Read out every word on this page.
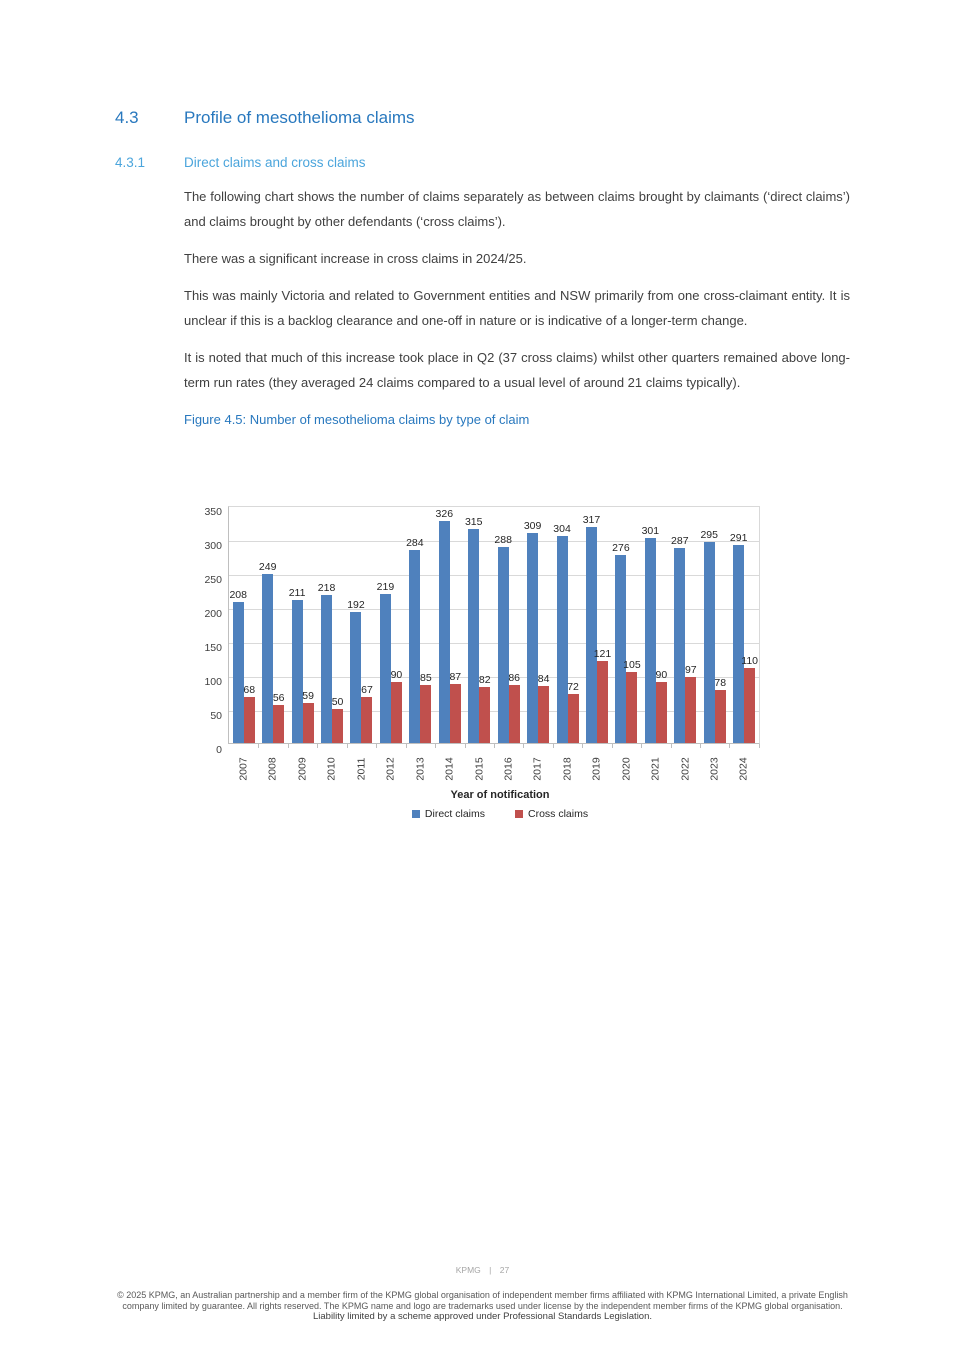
4.3	Profile of mesothelioma claims
4.3.1	Direct claims and cross claims

The following chart shows the number of claims separately as between claims brought by claimants (‘direct claims’) and claims brought by other defendants (‘cross claims’).

There was a significant increase in cross claims in 2024/25.

This was mainly Victoria and related to Government entities and NSW primarily from one cross-claimant entity. It is unclear if this is a backlog clearance and one-off in nature or is indicative of a longer-term change.

It is noted that much of this increase took place in Q2 (37 cross claims) whilst other quarters remained above long-term run rates (they averaged 24 claims compared to a usual level of around 21 claims typically).

Figure 4.5: Number of mesothelioma claims by type of claim
0
50
100
150
200
250
300
350
208
68
2007
249
56
2008
211
59
2009
218
50
2010
192
67
2011
219
90
2012
284
85
2013
326
87
2014
315
82
2015
288
86
2016
309
84
2017
304
72
2018
317
121
2019
276
105
2020
301
90
2021
287
97
2022
295
78
2023
291
110
2024
Year of notification
Direct claims	Cross claims
KPMG | 27
© 2025 KPMG, an Australian partnership and a member firm of the KPMG global organisation of independent member firms affiliated with KPMG International Limited, a private English company limited by guarantee. All rights reserved. The KPMG name and logo are trademarks used under license by the independent member firms of the KPMG global organisation.
Liability limited by a scheme approved under Professional Standards Legislation.
